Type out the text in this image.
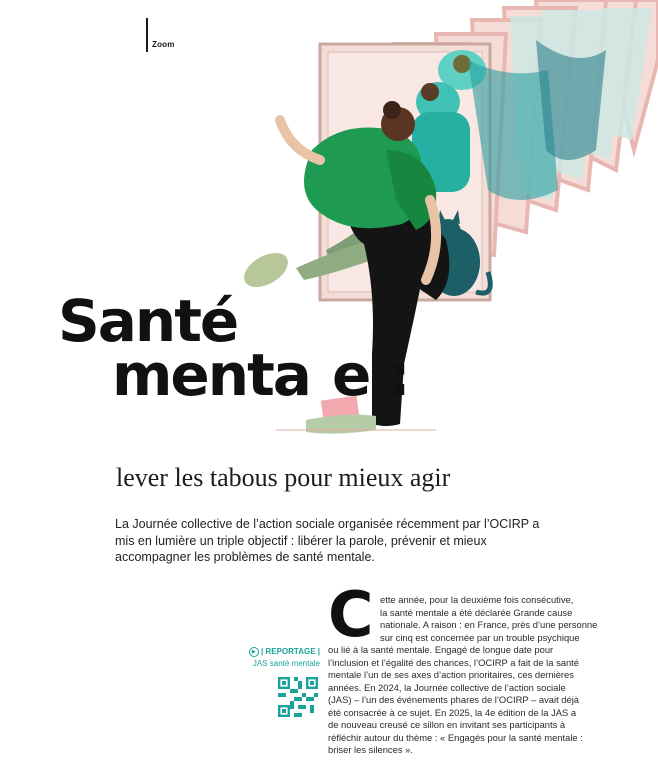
Zoom
Santé
menta e :
lever les tabous pour mieux agir
La Journée collective de l’action sociale organisée récemment par l’OCIRP a mis en lumière un triple objectif : libérer la parole, prévenir et mieux accompagner les problèmes de santé mentale.
▶ | REPORTAGE |
JAS santé mentale
C ette année, pour la deuxième fois consécutive,
la santé mentale a été déclarée Grande cause
nationale. A raison : en France, près d’une personne
sur cinq est concernée par un trouble psychique
ou lié à la santé mentale. Engagé de longue date pour
l’inclusion et l’égalité des chances, l’OCIRP a fait de la santé
mentale l’un de ses axes d’action prioritaires, ces dernières
années. En 2024, la Journée collective de l’action sociale
(JAS) – l’un des événements phares de l’OCIRP – avait déjà
été consacrée à ce sujet. En 2025, la 4e édition de la JAS a
de nouveau creusé ce sillon en invitant ses participants à
réfléchir autour du thème : « Engagés pour la santé mentale :
briser les silences ».
